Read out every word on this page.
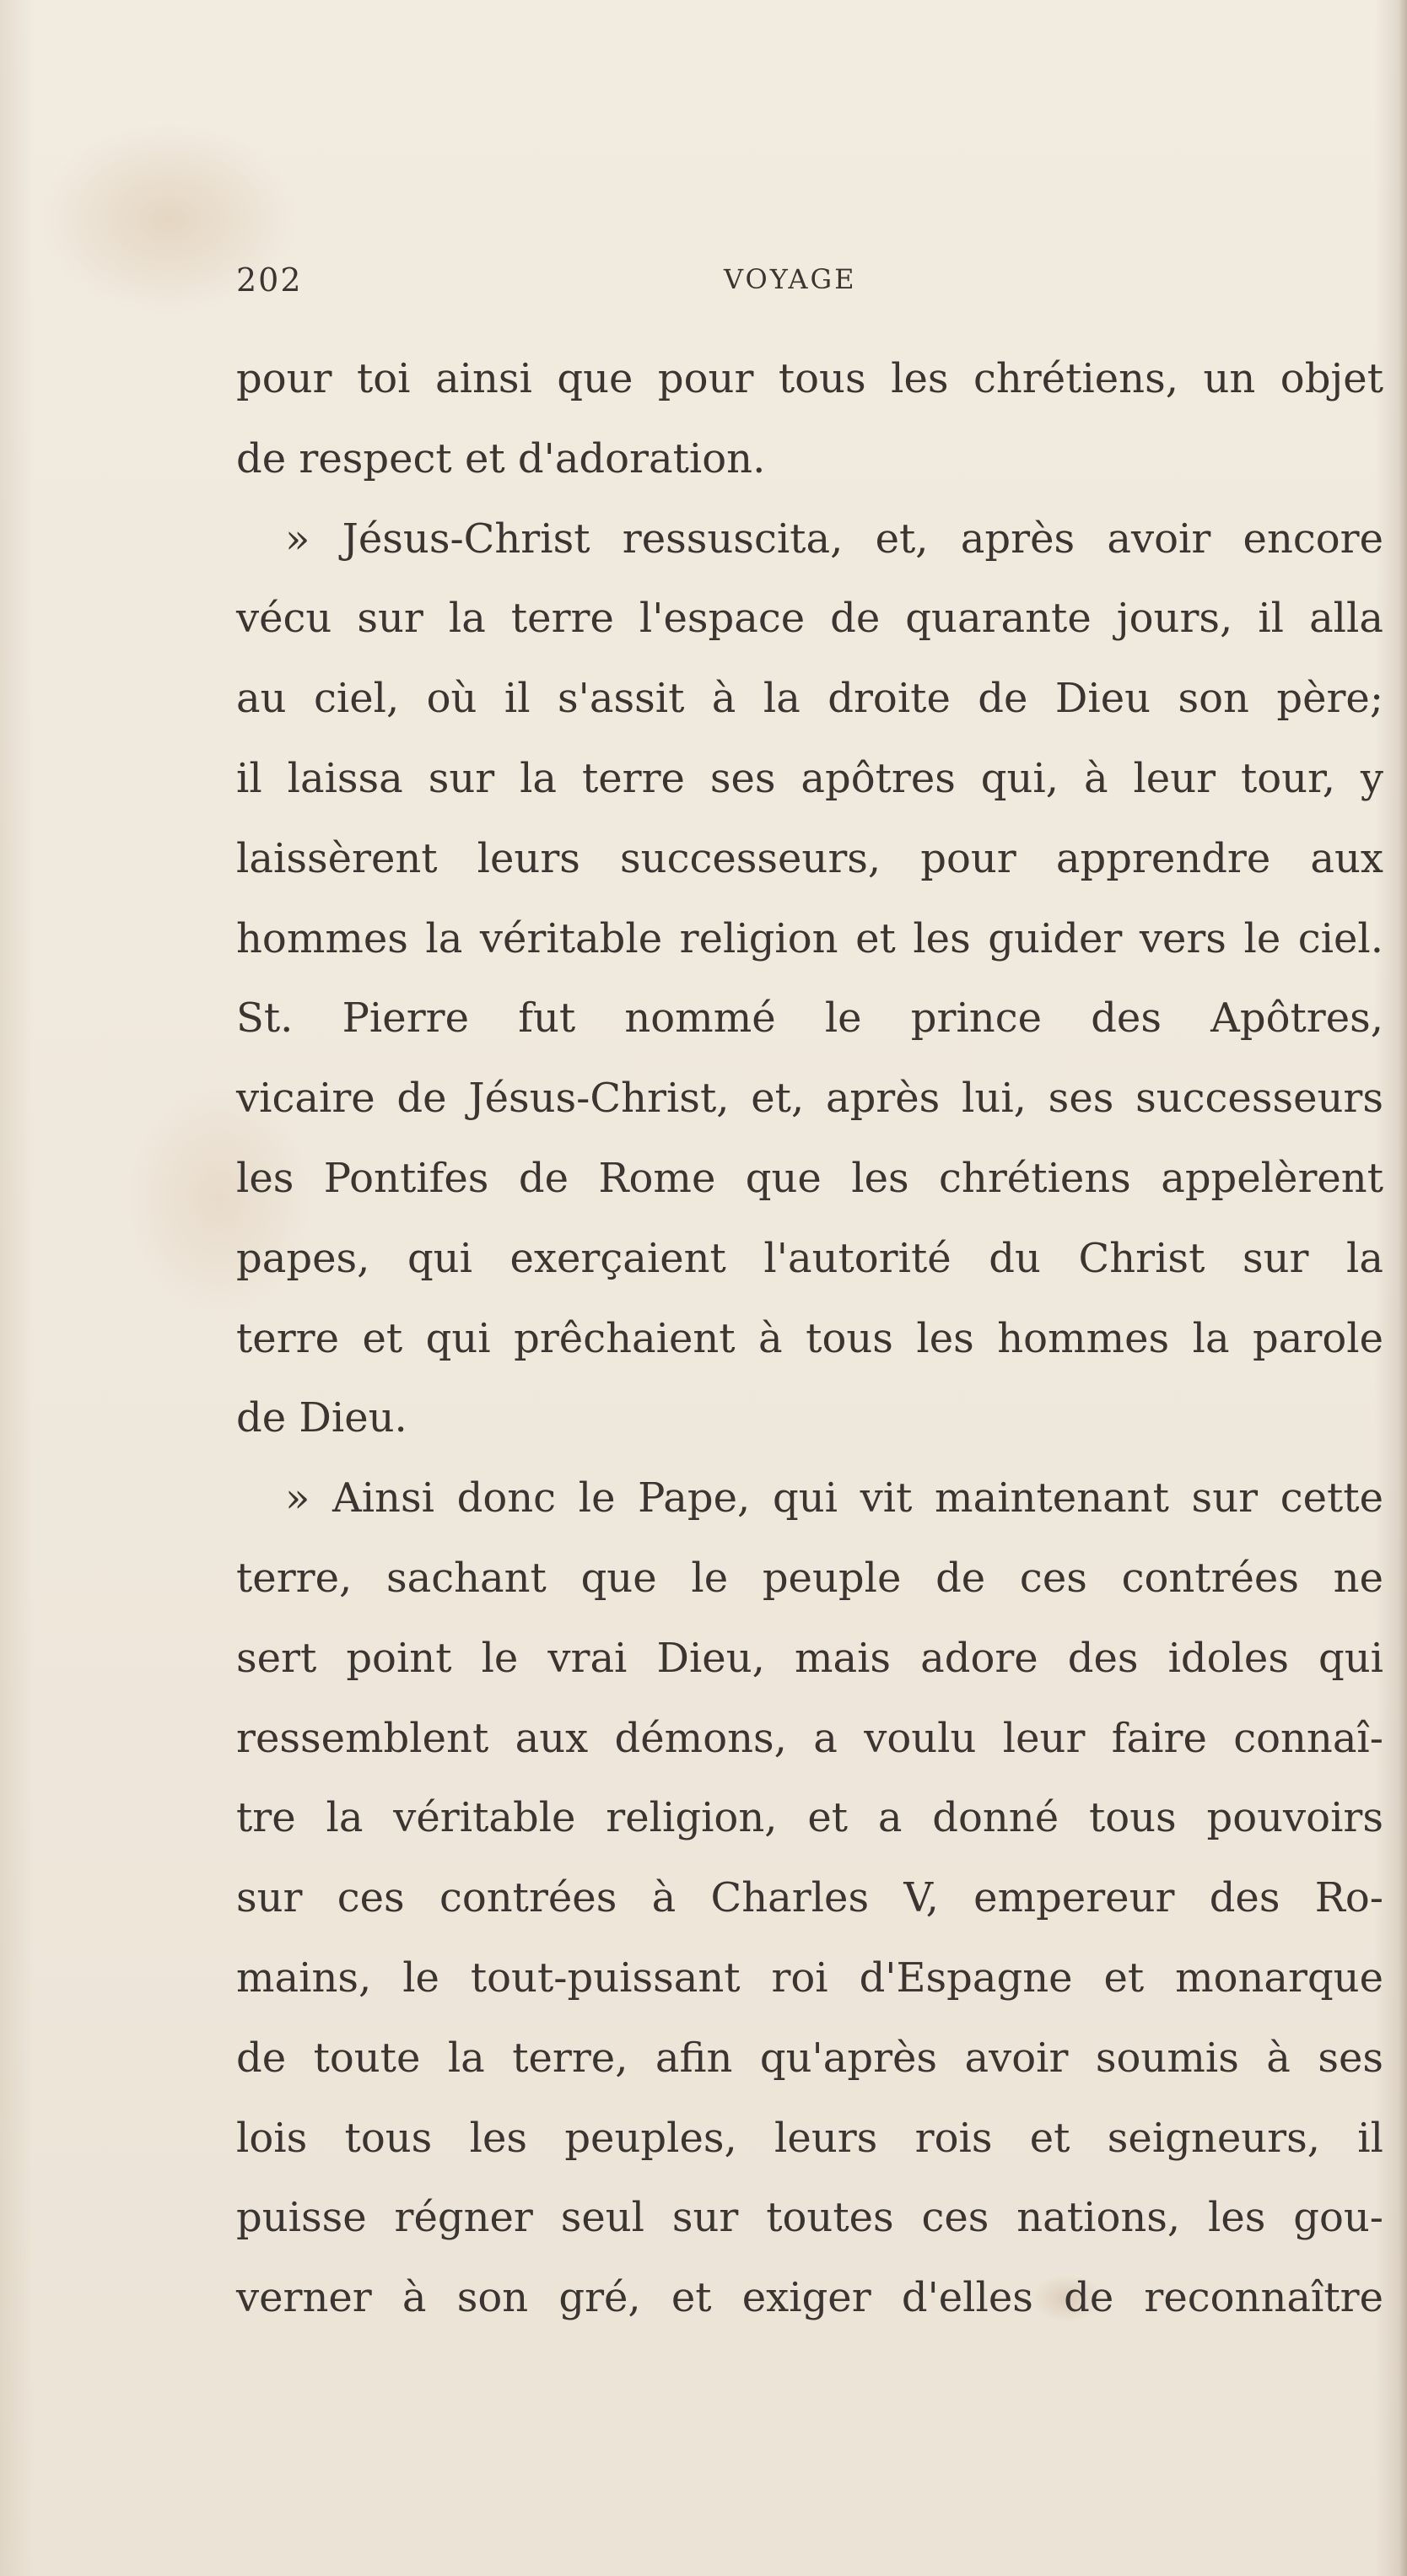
202	VOYAGE
pour toi ainsi que pour tous les chrétiens, un objet
de respect et d'adoration.
» Jésus-Christ ressuscita, et, après avoir encore
vécu sur la terre l'espace de quarante jours, il alla
au ciel, où il s'assit à la droite de Dieu son père;
il laissa sur la terre ses apôtres qui, à leur tour, y
laissèrent leurs successeurs, pour apprendre aux
hommes la véritable religion et les guider vers le ciel.
St. Pierre fut nommé le prince des Apôtres,
vicaire de Jésus-Christ, et, après lui, ses successeurs
les Pontifes de Rome que les chrétiens appelèrent
papes, qui exerçaient l'autorité du Christ sur la
terre et qui prêchaient à tous les hommes la parole
de Dieu.
» Ainsi donc le Pape, qui vit maintenant sur cette
terre, sachant que le peuple de ces contrées ne
sert point le vrai Dieu, mais adore des idoles qui
ressemblent aux démons, a voulu leur faire connaî-
tre la véritable religion, et a donné tous pouvoirs
sur ces contrées à Charles V, empereur des Ro-
mains, le tout-puissant roi d'Espagne et monarque
de toute la terre, afin qu'après avoir soumis à ses
lois tous les peuples, leurs rois et seigneurs, il
puisse régner seul sur toutes ces nations, les gou-
verner à son gré, et exiger d'elles de reconnaître
